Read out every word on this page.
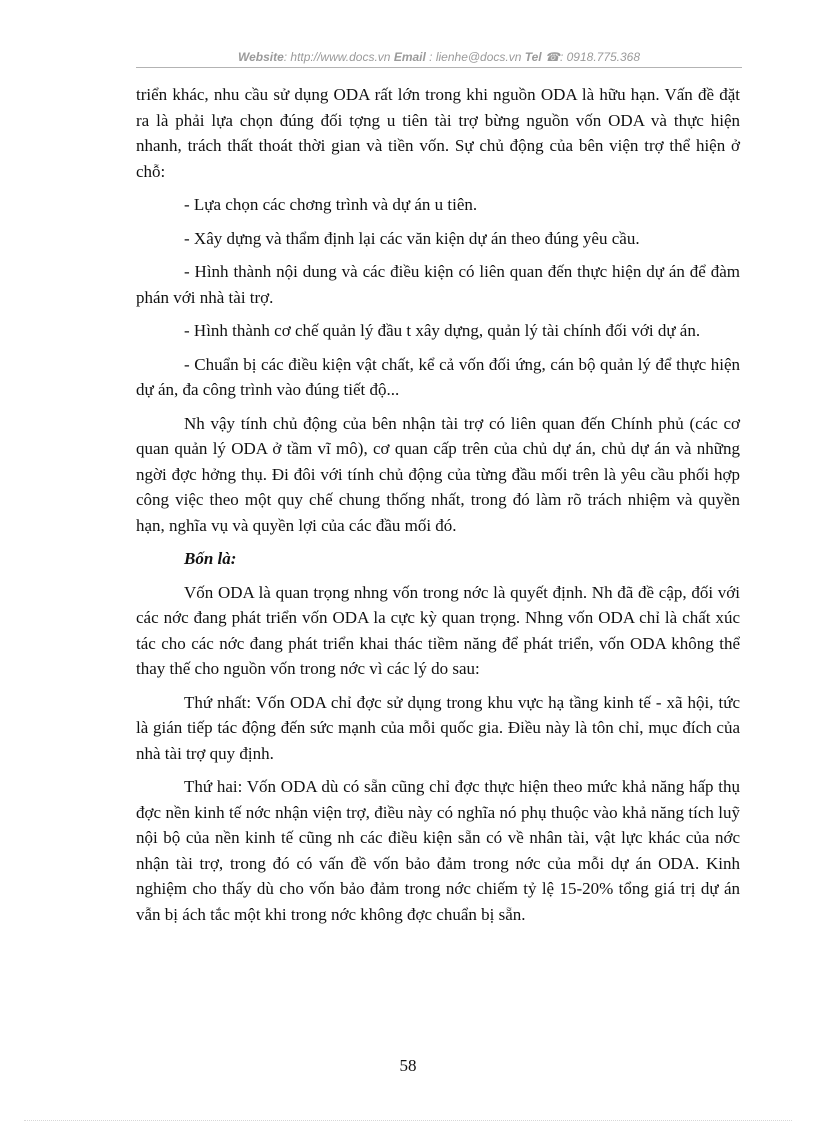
Website: http://www.docs.vn Email : lienhe@docs.vn Tel ☎: 0918.775.368

triển khác, nhu cầu sử dụng ODA rất lớn trong khi nguồn ODA là hữu hạn. Vấn đề đặt ra là phải lựa chọn đúng đối tợng u tiên tài trợ bừng nguồn vốn ODA và thực hiện nhanh, trách thất thoát thời gian và tiền vốn. Sự chủ động của bên viện trợ thể hiện ở chỗ:

- Lựa chọn các chơng trình và dự án u tiên.

- Xây dựng và thẩm định lại các văn kiện dự án theo đúng yêu cầu.

- Hình thành nội dung và các điều kiện có liên quan đến thực hiện dự án để đàm phán với nhà tài trợ.

- Hình thành cơ chế quản lý đầu t xây dựng, quản lý tài chính đối với dự án.

- Chuẩn bị các điều kiện vật chất, kể cả vốn đối ứng, cán bộ quản lý để thực hiện dự án, đa công trình vào đúng tiết độ...

Nh vậy tính chủ động của bên nhận tài trợ có liên quan đến Chính phủ (các cơ quan quản lý ODA ở tầm vĩ mô), cơ quan cấp trên của chủ dự án, chủ dự án và những ngời đợc hởng thụ. Đi đôi với tính chủ động của từng đầu mối trên là yêu cầu phối hợp công việc theo một quy chế chung thống nhất, trong đó làm rõ trách nhiệm và quyền hạn, nghĩa vụ và quyền lợi của các đầu mối đó.

Bốn là:

Vốn ODA là quan trọng nhng vốn trong nớc là quyết định. Nh đã đề cập, đối với các nớc đang phát triển vốn ODA la cực kỳ quan trọng. Nhng vốn ODA chỉ là chất xúc tác cho các nớc đang phát triển khai thác tiềm năng để phát triển, vốn ODA không thể thay thế cho nguồn vốn trong nớc vì các lý do sau:

Thứ nhất: Vốn ODA chỉ đợc sử dụng trong khu vực hạ tầng kinh tế - xã hội, tức là gián tiếp tác động đến sức mạnh của mỗi quốc gia. Điều này là tôn chỉ, mục đích của nhà tài trợ quy định.

Thứ hai: Vốn ODA dù có sẵn cũng chỉ đợc thực hiện theo mức khả năng hấp thụ đợc nền kinh tế nớc nhận viện trợ, điều này có nghĩa nó phụ thuộc vào khả năng tích luỹ nội bộ của nền kinh tế cũng nh các điều kiện sẵn có về nhân tài, vật lực khác của nớc nhận tài trợ, trong đó có vấn đề vốn bảo đảm trong nớc của mỗi dự án ODA. Kinh nghiệm cho thấy dù cho vốn bảo đảm trong nớc chiếm tỷ lệ 15-20% tổng giá trị dự án vẫn bị ách tắc một khi trong nớc không đợc chuẩn bị sẵn.

58
